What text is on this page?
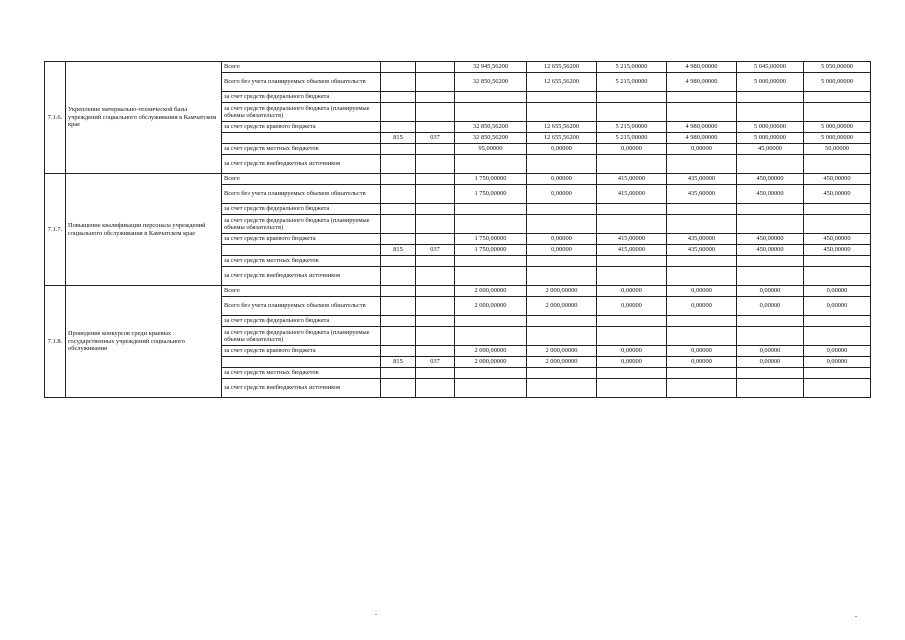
7.1.6.	Укрепление материально-технической базы учреждений социального обслуживания в Камчатском крае	Всего			32 945,56200	12 655,56200	5 215,00000	4 980,00000	5 045,00000	5 050,00000
		Всего без учета планируемых объемов обязательств			32 850,56200	12 655,56200	5 215,00000	4 980,00000	5 000,00000	5 000,00000
		за счет средств федерального бюджета								
		за счет средств федерального бюджета (планируемые объемы обязательств)								
		за счет средств краевого бюджета			32 850,56200	12 655,56200	5 215,00000	4 980,00000	5 000,00000	5 000,00000
			815	037	32 850,56200	12 655,56200	5 215,00000	4 980,00000	5 000,00000	5 000,00000
		за счет средств местных бюджетов			95,00000	0,00000	0,00000	0,00000	45,00000	50,00000
		за счет средств внебюджетных источников								
7.1.7.	Повышение квалификации персонала учреждений социального обслуживания в Камчатском крае	Всего			1 750,00000	0,00000	415,00000	435,00000	450,00000	450,00000
		Всего без учета планируемых объемов обязательств			1 750,00000	0,00000	415,00000	435,00000	450,00000	450,00000
		за счет средств федерального бюджета								
		за счет средств федерального бюджета (планируемые объемы обязательств)								
		за счет средств краевого бюджета			1 750,00000	0,00000	415,00000	435,00000	450,00000	450,00000
			815	037	1 750,00000	0,00000	415,00000	435,00000	450,00000	450,00000
		за счет средств местных бюджетов								
		за счет средств внебюджетных источников								
7.1.8.	Проведение конкурсов среди краевых государственных учреждений социального обслуживания	Всего			2 000,00000	2 000,00000	0,00000	0,00000	0,00000	0,00000
		Всего без учета планируемых объемов обязательств			2 000,00000	2 000,00000	0,00000	0,00000	0,00000	0,00000
		за счет средств федерального бюджета								
		за счет средств федерального бюджета (планируемые объемы обязательств)								
		за счет средств краевого бюджета			2 000,00000	2 000,00000	0,00000	0,00000	0,00000	0,00000
			815	037	2 000,00000	2 000,00000	0,00000	0,00000	0,00000	0,00000
		за счет средств местных бюджетов								
		за счет средств внебюджетных источников								
